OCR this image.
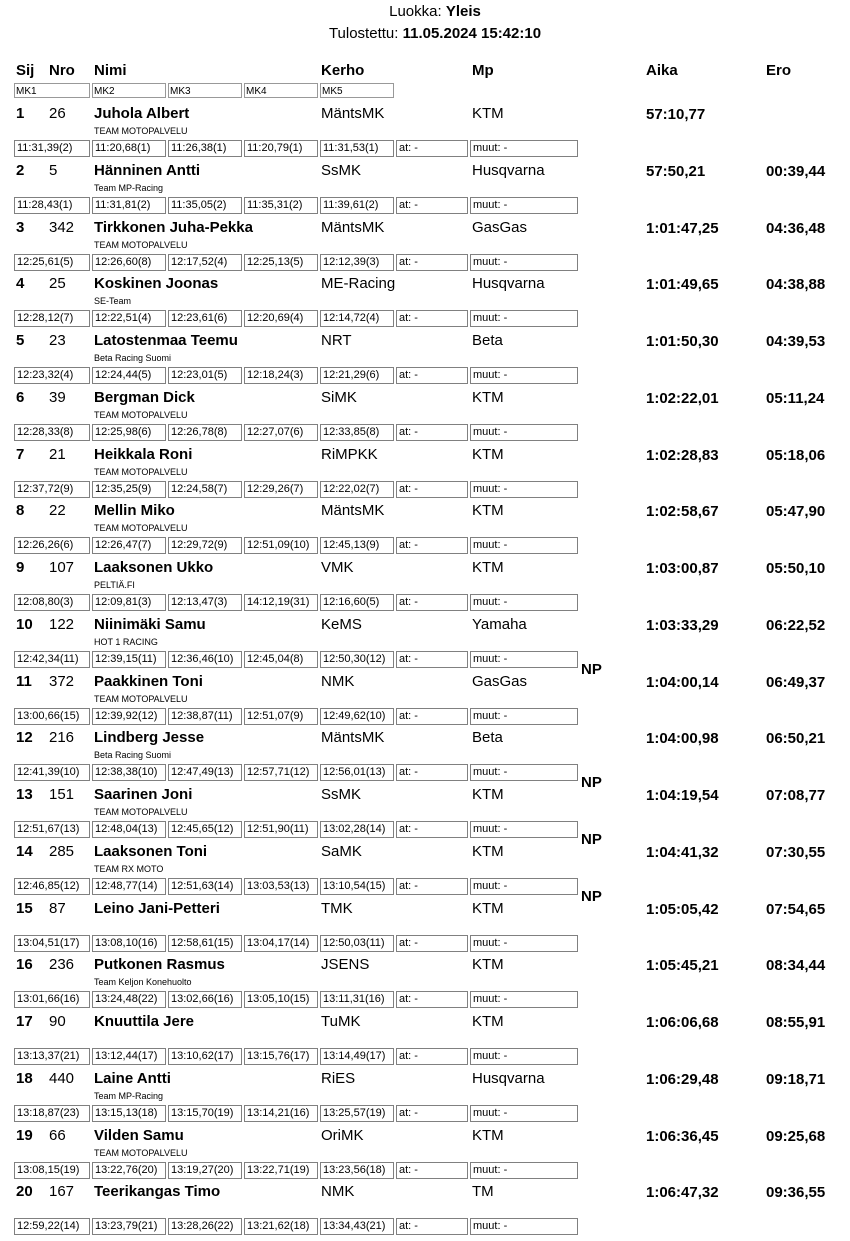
Luokka: Yleis
Tulostettu: 11.05.2024 15:42:10
Sij Nro Nimi	Kerho	Mp	Aika	Ero
MK1	MK2	MK3	MK4	MK5
1 26 Juhola Albert	MäntsMK	KTM	57:10,77
TEAM MOTOPALVELU
11:31,39(2)	11:20,68(1)	11:26,38(1)	11:20,79(1)	11:31,53(1)	at: -	muut: -
2 5 Hänninen Antti	SsMK	Husqvarna	57:50,21	00:39,44
Team MP-Racing
11:28,43(1)	11:31,81(2)	11:35,05(2)	11:35,31(2)	11:39,61(2)	at: -	muut: -
3 342 Tirkkonen Juha-Pekka	MäntsMK	GasGas	1:01:47,25	04:36,48
TEAM MOTOPALVELU
12:25,61(5)	12:26,60(8)	12:17,52(4)	12:25,13(5)	12:12,39(3)	at: -	muut: -
4 25 Koskinen Joonas	ME-Racing	Husqvarna	1:01:49,65	04:38,88
SE-Team
12:28,12(7)	12:22,51(4)	12:23,61(6)	12:20,69(4)	12:14,72(4)	at: -	muut: -
5 23 Latostenmaa Teemu	NRT	Beta	1:01:50,30	04:39,53
Beta Racing Suomi
12:23,32(4)	12:24,44(5)	12:23,01(5)	12:18,24(3)	12:21,29(6)	at: -	muut: -
6 39 Bergman Dick	SiMK	KTM	1:02:22,01	05:11,24
TEAM MOTOPALVELU
12:28,33(8)	12:25,98(6)	12:26,78(8)	12:27,07(6)	12:33,85(8)	at: -	muut: -
7 21 Heikkala Roni	RiMPKK	KTM	1:02:28,83	05:18,06
TEAM MOTOPALVELU
12:37,72(9)	12:35,25(9)	12:24,58(7)	12:29,26(7)	12:22,02(7)	at: -	muut: -
8 22 Mellin Miko	MäntsMK	KTM	1:02:58,67	05:47,90
TEAM MOTOPALVELU
12:26,26(6)	12:26,47(7)	12:29,72(9)	12:51,09(10)	12:45,13(9)	at: -	muut: -
9 107 Laaksonen Ukko	VMK	KTM	1:03:00,87	05:50,10
PELTIÄ.FI
12:08,80(3)	12:09,81(3)	12:13,47(3)	14:12,19(31)	12:16,60(5)	at: -	muut: -
10 122 Niinimäki Samu	KeMS	Yamaha	1:03:33,29	06:22,52
HOT 1 RACING
12:42,34(11)	12:39,15(11)	12:36,46(10)	12:45,04(8)	12:50,30(12)	at: -	muut: -
NP
11 372 Paakkinen Toni	NMK	GasGas	1:04:00,14	06:49,37
TEAM MOTOPALVELU
13:00,66(15)	12:39,92(12)	12:38,87(11)	12:51,07(9)	12:49,62(10)	at: -	muut: -
12 216 Lindberg Jesse	MäntsMK	Beta	1:04:00,98	06:50,21
Beta Racing Suomi
12:41,39(10)	12:38,38(10)	12:47,49(13)	12:57,71(12)	12:56,01(13)	at: -	muut: -
NP
13 151 Saarinen Joni	SsMK	KTM	1:04:19,54	07:08,77
TEAM MOTOPALVELU
12:51,67(13)	12:48,04(13)	12:45,65(12)	12:51,90(11)	13:02,28(14)	at: -	muut: -
NP
14 285 Laaksonen Toni	SaMK	KTM	1:04:41,32	07:30,55
TEAM RX MOTO
12:46,85(12)	12:48,77(14)	12:51,63(14)	13:03,53(13)	13:10,54(15)	at: -	muut: -
NP
15 87 Leino Jani-Petteri	TMK	KTM	1:05:05,42	07:54,65
13:04,51(17)	13:08,10(16)	12:58,61(15)	13:04,17(14)	12:50,03(11)	at: -	muut: -
16 236 Putkonen Rasmus	JSENS	KTM	1:05:45,21	08:34,44
Team Keljon Konehuolto
13:01,66(16)	13:24,48(22)	13:02,66(16)	13:05,10(15)	13:11,31(16)	at: -	muut: -
17 90 Knuuttila Jere	TuMK	KTM	1:06:06,68	08:55,91
13:13,37(21)	13:12,44(17)	13:10,62(17)	13:15,76(17)	13:14,49(17)	at: -	muut: -
18 440 Laine Antti	RiES	Husqvarna	1:06:29,48	09:18,71
Team MP-Racing
13:18,87(23)	13:15,13(18)	13:15,70(19)	13:14,21(16)	13:25,57(19)	at: -	muut: -
19 66 Vilden Samu	OriMK	KTM	1:06:36,45	09:25,68
TEAM MOTOPALVELU
13:08,15(19)	13:22,76(20)	13:19,27(20)	13:22,71(19)	13:23,56(18)	at: -	muut: -
20 167 Teerikangas Timo	NMK	TM	1:06:47,32	09:36,55
12:59,22(14)	13:23,79(21)	13:28,26(22)	13:21,62(18)	13:34,43(21)	at: -	muut: -
